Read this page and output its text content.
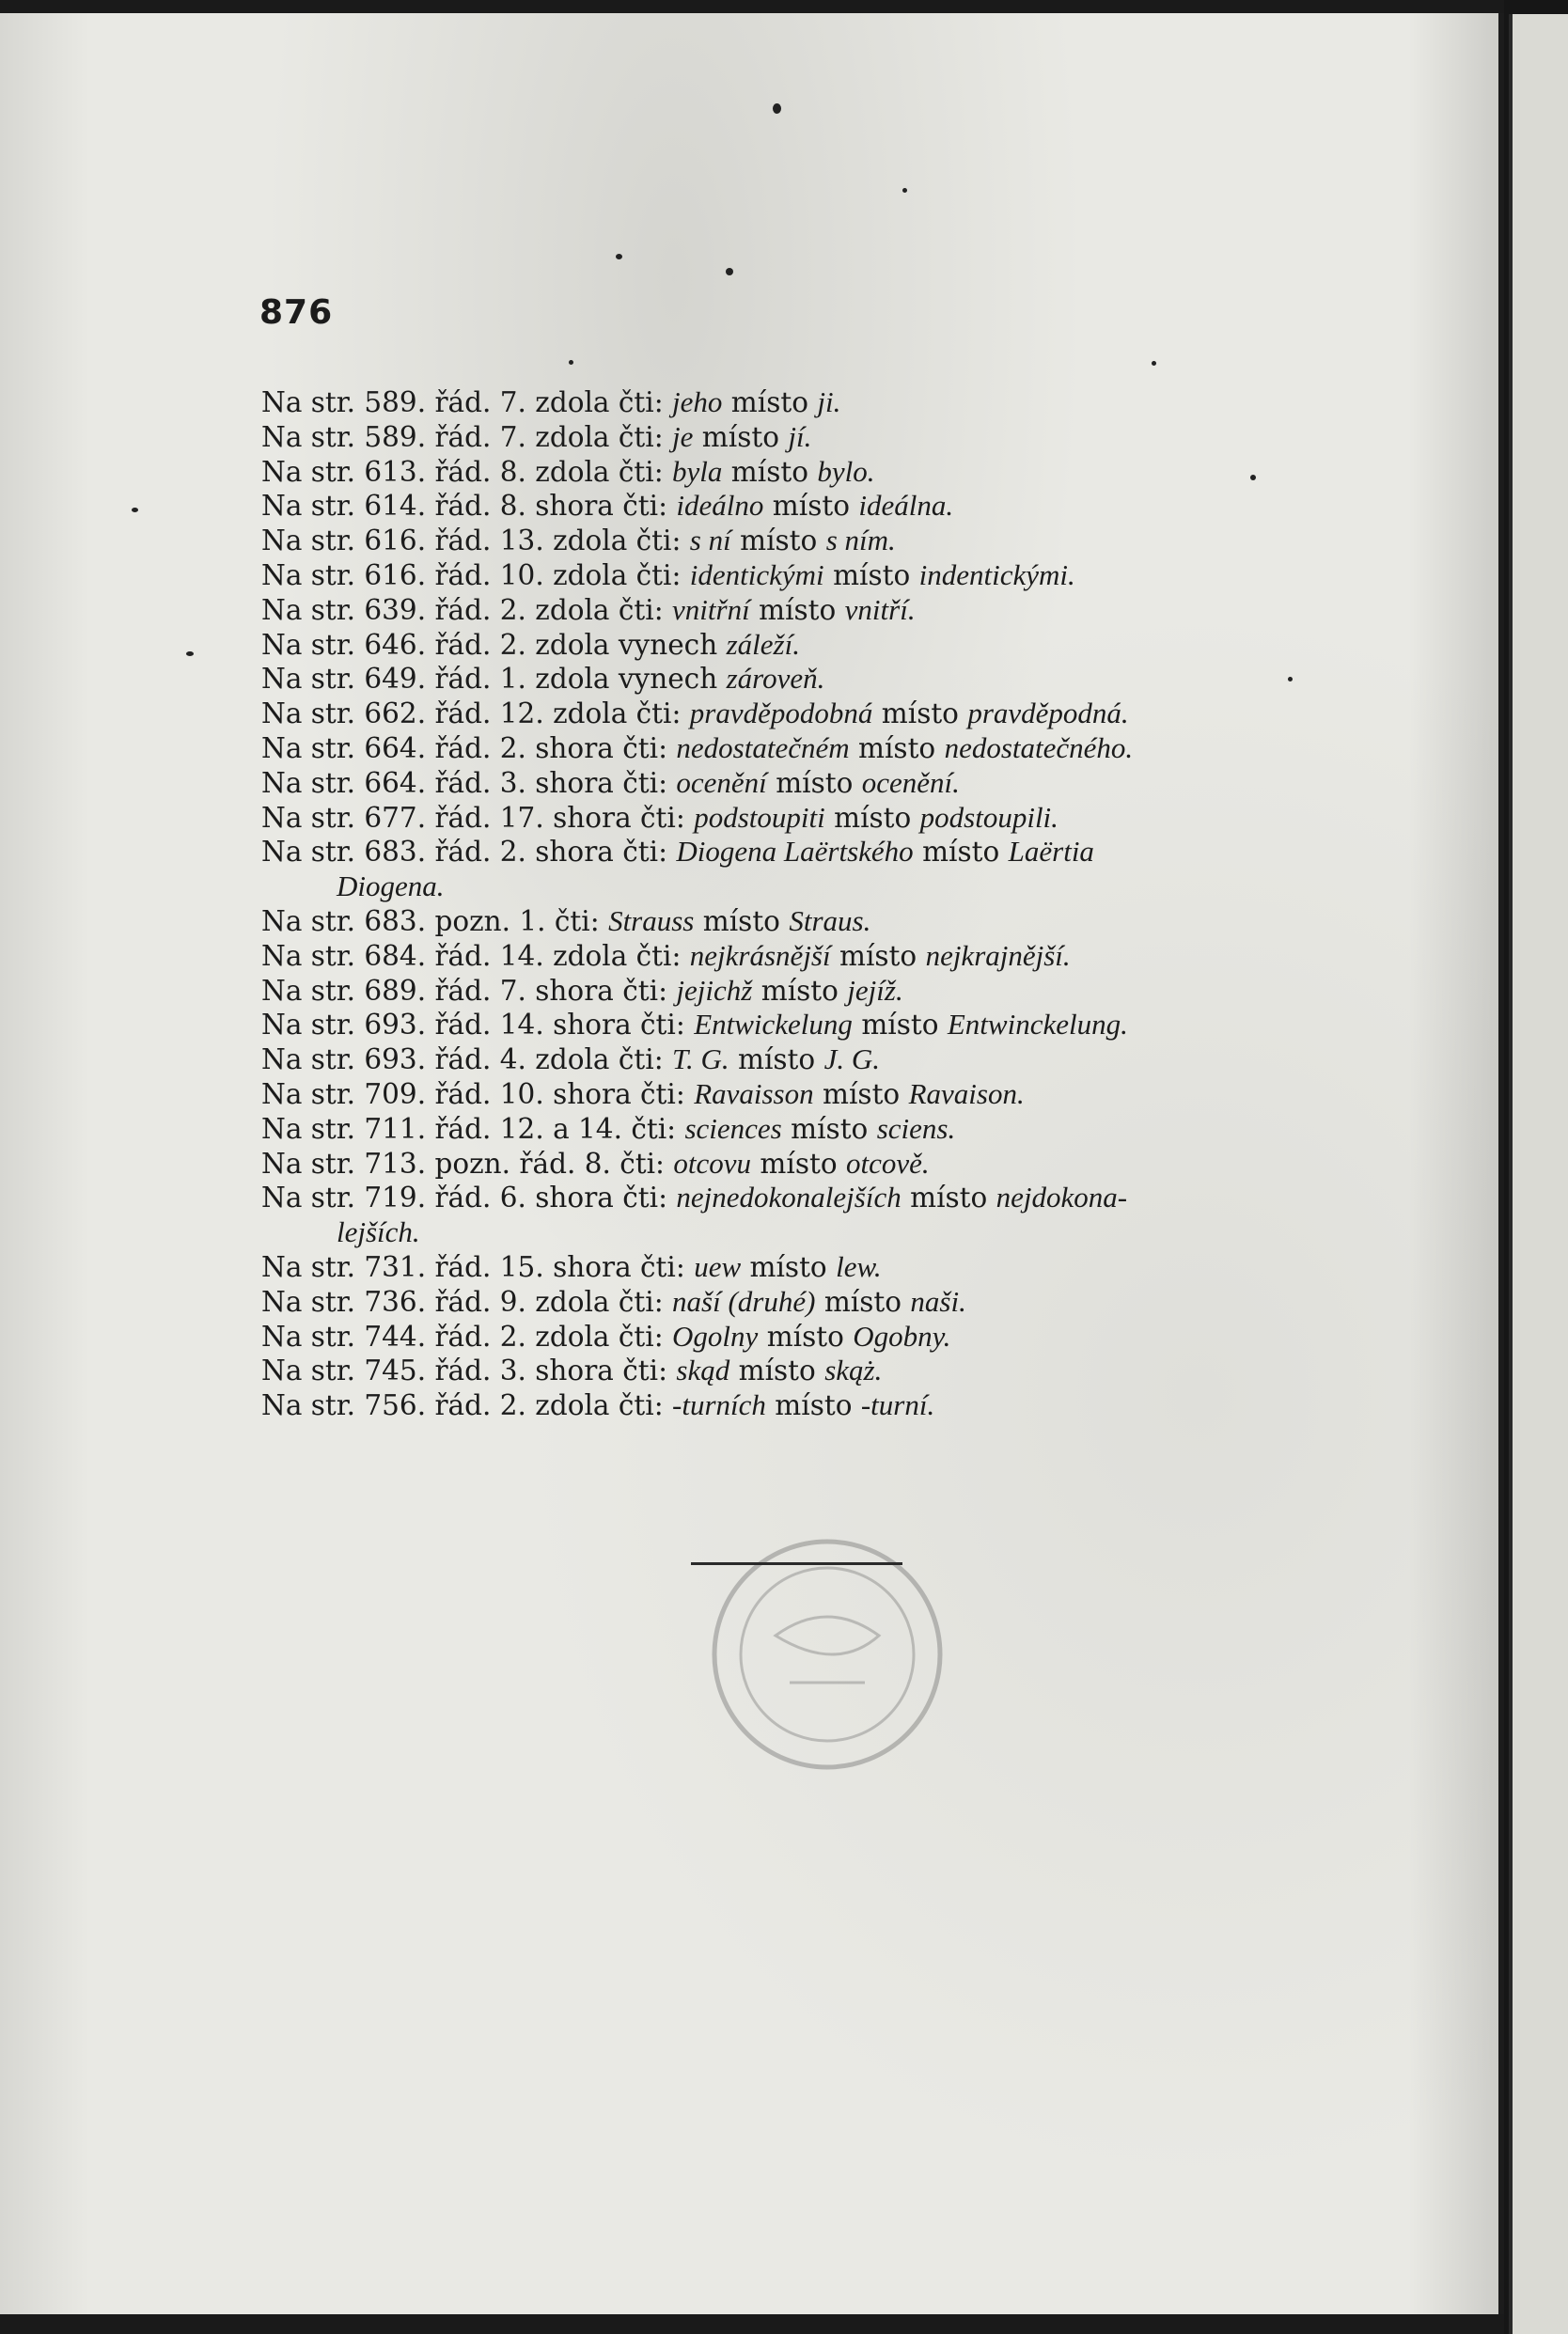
876
Na str. 589. řád. 7. zdola čti: jeho místo ji.
Na str. 589. řád. 7. zdola čti: je místo jí.
Na str. 613. řád. 8. zdola čti: byla místo bylo.
Na str. 614. řád. 8. shora čti: ideálno místo ideálna.
Na str. 616. řád. 13. zdola čti: s ní místo s ním.
Na str. 616. řád. 10. zdola čti: identickými místo indentickými.
Na str. 639. řád. 2. zdola čti: vnitřní místo vnitří.
Na str. 646. řád. 2. zdola vynech záleží.
Na str. 649. řád. 1. zdola vynech zároveň.
Na str. 662. řád. 12. zdola čti: pravděpodobná místo pravděpodná.
Na str. 664. řád. 2. shora čti: nedostatečném místo nedostatečného.
Na str. 664. řád. 3. shora čti: ocenění místo ocenění.
Na str. 677. řád. 17. shora čti: podstoupiti místo podstoupili.
Na str. 683. řád. 2. shora čti: Diogena Laërtského místo Laërtia
Diogena.
Na str. 683. pozn. 1. čti: Strauss místo Straus.
Na str. 684. řád. 14. zdola čti: nejkrásnější místo nejkrajnější.
Na str. 689. řád. 7. shora čti: jejichž místo jejíž.
Na str. 693. řád. 14. shora čti: Entwickelung místo Entwinckelung.
Na str. 693. řád. 4. zdola čti: T. G. místo J. G.
Na str. 709. řád. 10. shora čti: Ravaisson místo Ravaison.
Na str. 711. řád. 12. a 14. čti: sciences místo sciens.
Na str. 713. pozn. řád. 8. čti: otcovu místo otcově.
Na str. 719. řád. 6. shora čti: nejnedokonalejších místo nejdokona-
lejších.
Na str. 731. řád. 15. shora čti: uew místo lew.
Na str. 736. řád. 9. zdola čti: naší (druhé) místo naši.
Na str. 744. řád. 2. zdola čti: Ogolny místo Ogobny.
Na str. 745. řád. 3. shora čti: skąd místo skąż.
Na str. 756. řád. 2. zdola čti: -turních místo -turní.
